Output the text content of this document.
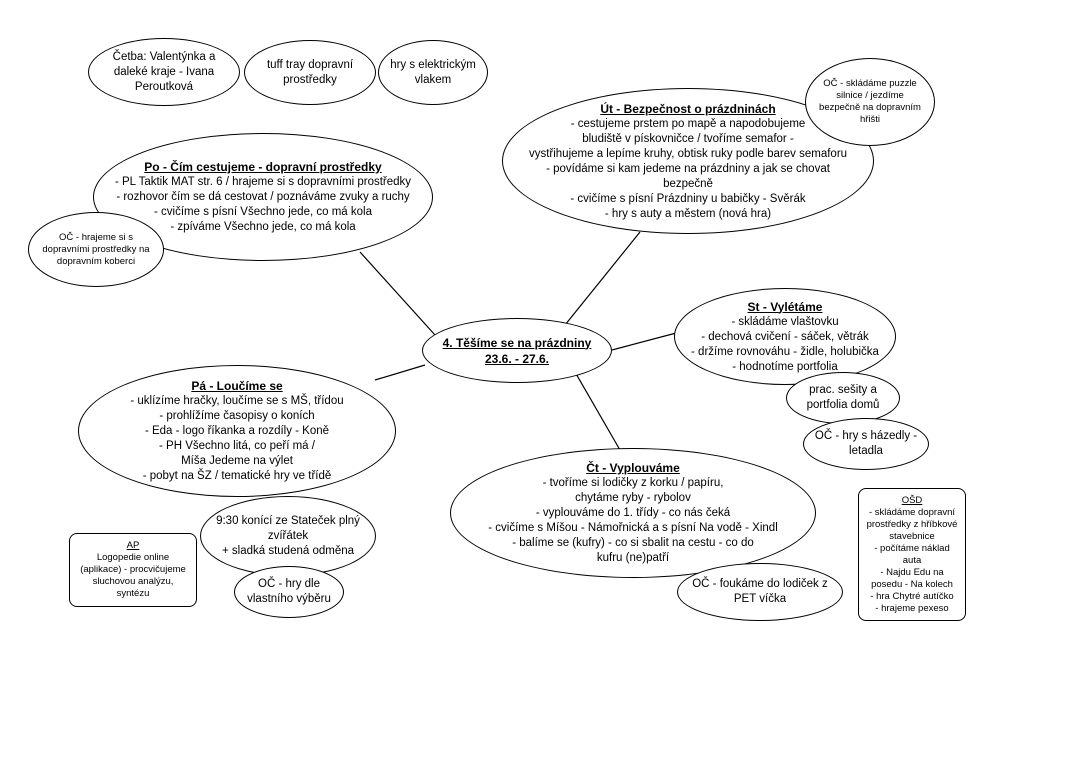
Četba: Valentýnka a
daleké kraje - Ivana
Peroutková
tuff tray dopravní
prostředky
hry s elektrickým
vlakem
Po - Čím cestujeme - dopravní prostředky
- PL Taktik MAT str. 6 / hrajeme si s dopravními prostředky
- rozhovor čím se dá cestovat / poznáváme zvuky a ruchy
- cvičíme s písní Všechno jede, co má kola
- zpíváme Všechno jede, co má kola
OČ - hrajeme si s
dopravními prostředky na
dopravním koberci
Út - Bezpečnost o prázdninách
- cestujeme prstem po mapě a napodobujeme
bludiště v pískovničce / tvoříme semafor -
vystřihujeme a lepíme kruhy, obtisk ruky podle barev semaforu
- povídáme si kam jedeme na prázdniny a jak se chovat
bezpečně
- cvičíme s písní Prázdniny u babičky - Svěrák
- hry s auty a městem (nová hra)
OČ - skládáme puzzle
silnice / jezdíme
bezpečně na dopravním
hřišti
4. Těšíme se na prázdniny
23.6. - 27.6.
St - Vylétáme
- skládáme vlaštovku
- dechová cvičení - sáček, větrák
- držíme rovnováhu - židle, holubička
- hodnotíme portfolia
prac. sešity a
portfolia domů
OČ - hry s házedly -
letadla
Pá - Loučíme se
- uklízíme hračky, loučíme se s MŠ, třídou
- prohlížíme časopisy o koních
- Eda - logo říkanka a rozdíly - Koně
- PH Všechno litá, co peří má /
Míša Jedeme na výlet
- pobyt na ŠZ / tematické hry ve třídě
9:30 konící ze Stateček plný
zvířátek
+ sladká studená odměna
OČ - hry dle
vlastního výběru
AP
Logopedie online
(aplikace) - procvičujeme
sluchovou analýzu,
syntézu
Čt - Vyplouváme
- tvoříme si lodičky z korku / papíru,
chytáme ryby - rybolov
- vyplouváme do 1. třídy - co nás čeká
- cvičíme s Míšou - Námořnická a s písní Na vodě - Xindl
- balíme se (kufry) - co si sbalit na cestu - co do
kufru (ne)patří
OČ - foukáme do lodiček z
PET víčka
OŠD
- skládáme dopravní
prostředky z hříbkové
stavebnice
- počítáme náklad
auta
- Najdu Edu na
posedu - Na kolech
- hra Chytré autíčko
- hrajeme pexeso
